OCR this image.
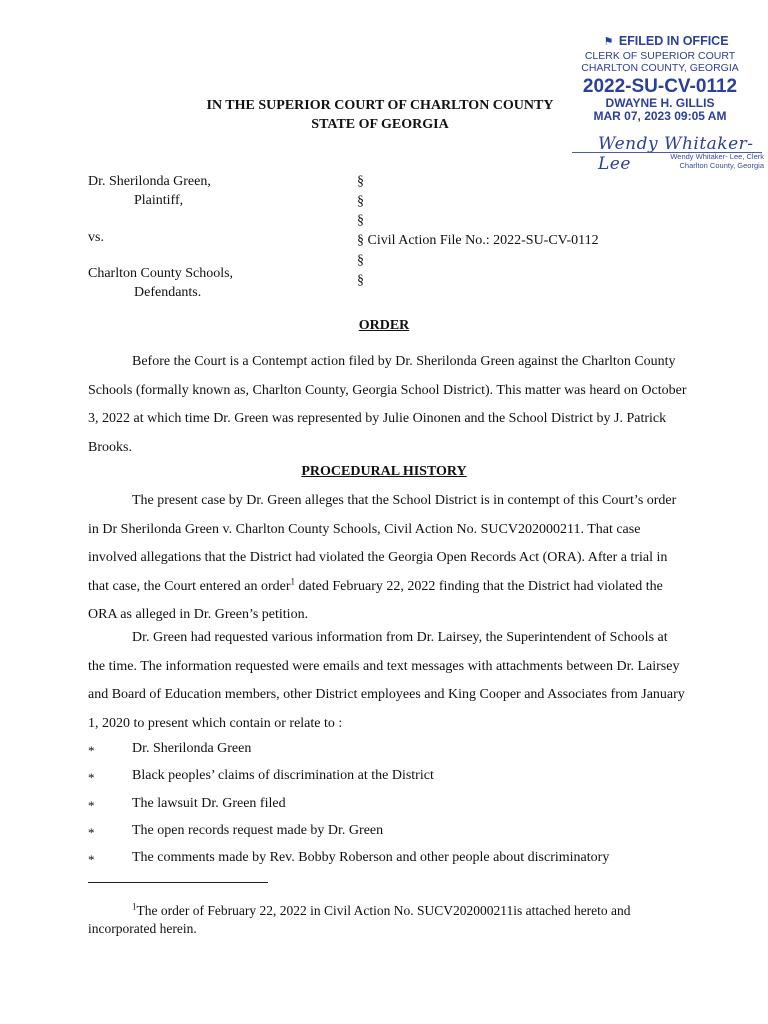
⚑ EFILED IN OFFICE
CLERK OF SUPERIOR COURT
CHARLTON COUNTY, GEORGIA
2022-SU-CV-0112
DWAYNE H. GILLIS
MAR 07, 2023 09:05 AM
Wendy Whitaker-Lee	Wendy Whitaker- Lee, Clerk
Charlton County, Georgia
IN THE SUPERIOR COURT OF CHARLTON COUNTY
STATE OF GEORGIA
Dr. Sherilonda Green,
Plaintiff,
vs.
Charlton County Schools,
Defendants.
§
§
§
§ Civil Action File No.: 2022-SU-CV-0112
§
§
ORDER

Before the Court is a Contempt action filed by Dr. Sherilonda Green against the Charlton County Schools (formally known as, Charlton County, Georgia School District). This matter was heard on October 3, 2022 at which time Dr. Green was represented by Julie Oinonen and the School District by J. Patrick Brooks.

PROCEDURAL HISTORY

The present case by Dr. Green alleges that the School District is in contempt of this Court’s order in Dr Sherilonda Green v. Charlton County Schools, Civil Action No. SUCV202000211. That case involved allegations that the District had violated the Georgia Open Records Act (ORA). After a trial in that case, the Court entered an order$^1$ dated February 22, 2022 finding that the District had violated the ORA as alleged in Dr. Green’s petition.

Dr. Green had requested various information from Dr. Lairsey, the Superintendent of Schools at the time. The information requested were emails and text messages with attachments between Dr. Lairsey and Board of Education members, other District employees and King Cooper and Associates from January 1, 2020 to present which contain or relate to :

*	Dr. Sherilonda Green
*	Black peoples’ claims of discrimination at the District
*	The lawsuit Dr. Green filed
*	The open records request made by Dr. Green
*	The comments made by Rev. Bobby Roberson and other people about discriminatory
$^1$The order of February 22, 2022 in Civil Action No. SUCV202000211is attached hereto and incorporated herein.
